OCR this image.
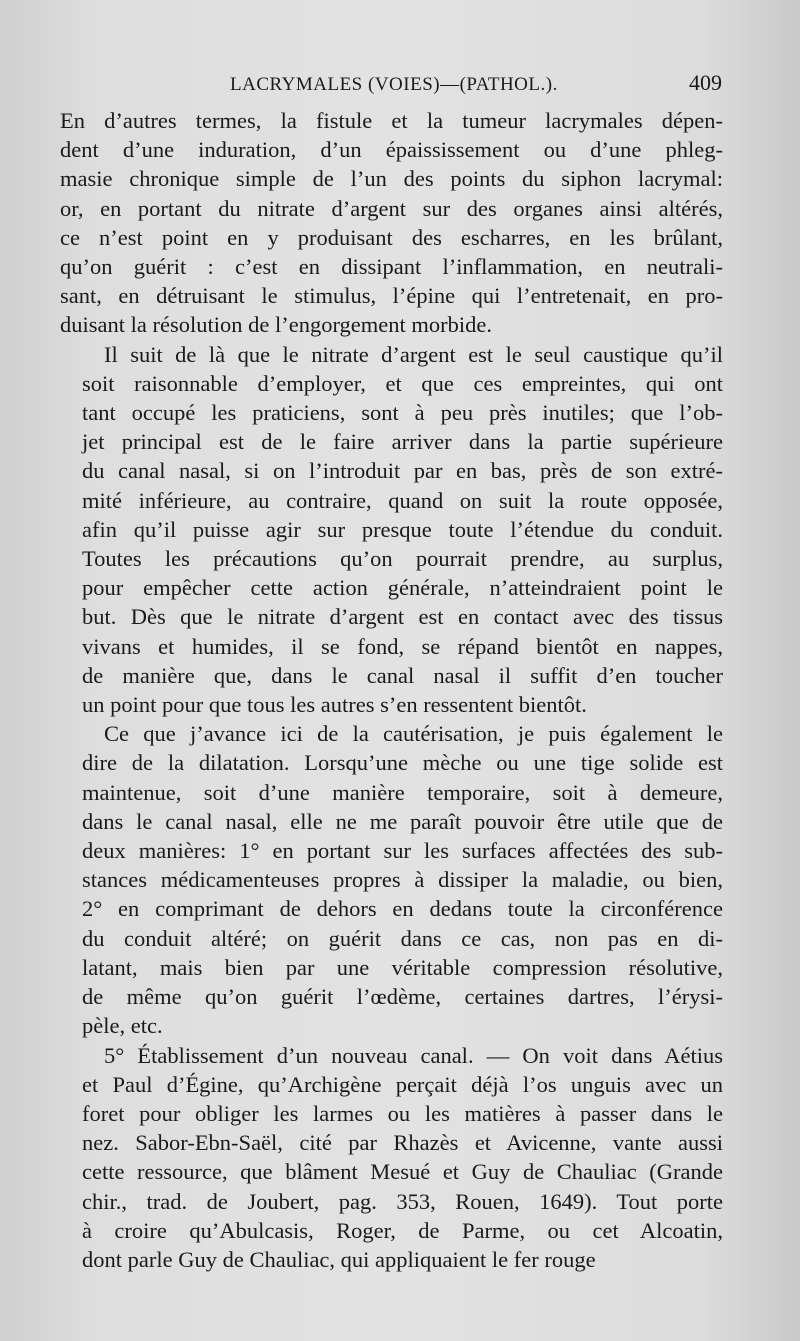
LACRYMALES (VOIES)—(PATHOL.).	409
En d’autres termes, la fistule et la tumeur lacrymales dépen-
dent d’une induration, d’un épaississement ou d’une phleg-
masie chronique simple de l’un des points du siphon lacrymal:
or, en portant du nitrate d’argent sur des organes ainsi altérés,
ce n’est point en y produisant des escharres, en les brûlant,
qu’on guérit : c’est en dissipant l’inflammation, en neutrali-
sant, en détruisant le stimulus, l’épine qui l’entretenait, en pro-
duisant la résolution de l’engorgement morbide.
Il suit de là que le nitrate d’argent est le seul caustique qu’il
soit raisonnable d’employer, et que ces empreintes, qui ont
tant occupé les praticiens, sont à peu près inutiles; que l’ob-
jet principal est de le faire arriver dans la partie supérieure
du canal nasal, si on l’introduit par en bas, près de son extré-
mité inférieure, au contraire, quand on suit la route opposée,
afin qu’il puisse agir sur presque toute l’étendue du conduit.
Toutes les précautions qu’on pourrait prendre, au surplus,
pour empêcher cette action générale, n’atteindraient point le
but. Dès que le nitrate d’argent est en contact avec des tissus
vivans et humides, il se fond, se répand bientôt en nappes,
de manière que, dans le canal nasal il suffit d’en toucher
un point pour que tous les autres s’en ressentent bientôt.
Ce que j’avance ici de la cautérisation, je puis également le
dire de la dilatation. Lorsqu’une mèche ou une tige solide est
maintenue, soit d’une manière temporaire, soit à demeure,
dans le canal nasal, elle ne me paraît pouvoir être utile que de
deux manières: 1° en portant sur les surfaces affectées des sub-
stances médicamenteuses propres à dissiper la maladie, ou bien,
2° en comprimant de dehors en dedans toute la circonférence
du conduit altéré; on guérit dans ce cas, non pas en di-
latant, mais bien par une véritable compression résolutive,
de même qu’on guérit l’œdème, certaines dartres, l’érysi-
pèle, etc.
5° Établissement d’un nouveau canal. — On voit dans Aétius
et Paul d’Égine, qu’Archigène perçait déjà l’os unguis avec un
foret pour obliger les larmes ou les matières à passer dans le
nez. Sabor-Ebn-Saël, cité par Rhazès et Avicenne, vante aussi
cette ressource, que blâment Mesué et Guy de Chauliac (Grande
chir., trad. de Joubert, pag. 353, Rouen, 1649). Tout porte
à croire qu’Abulcasis, Roger, de Parme, ou cet Alcoatin,
dont parle Guy de Chauliac, qui appliquaient le fer rouge
